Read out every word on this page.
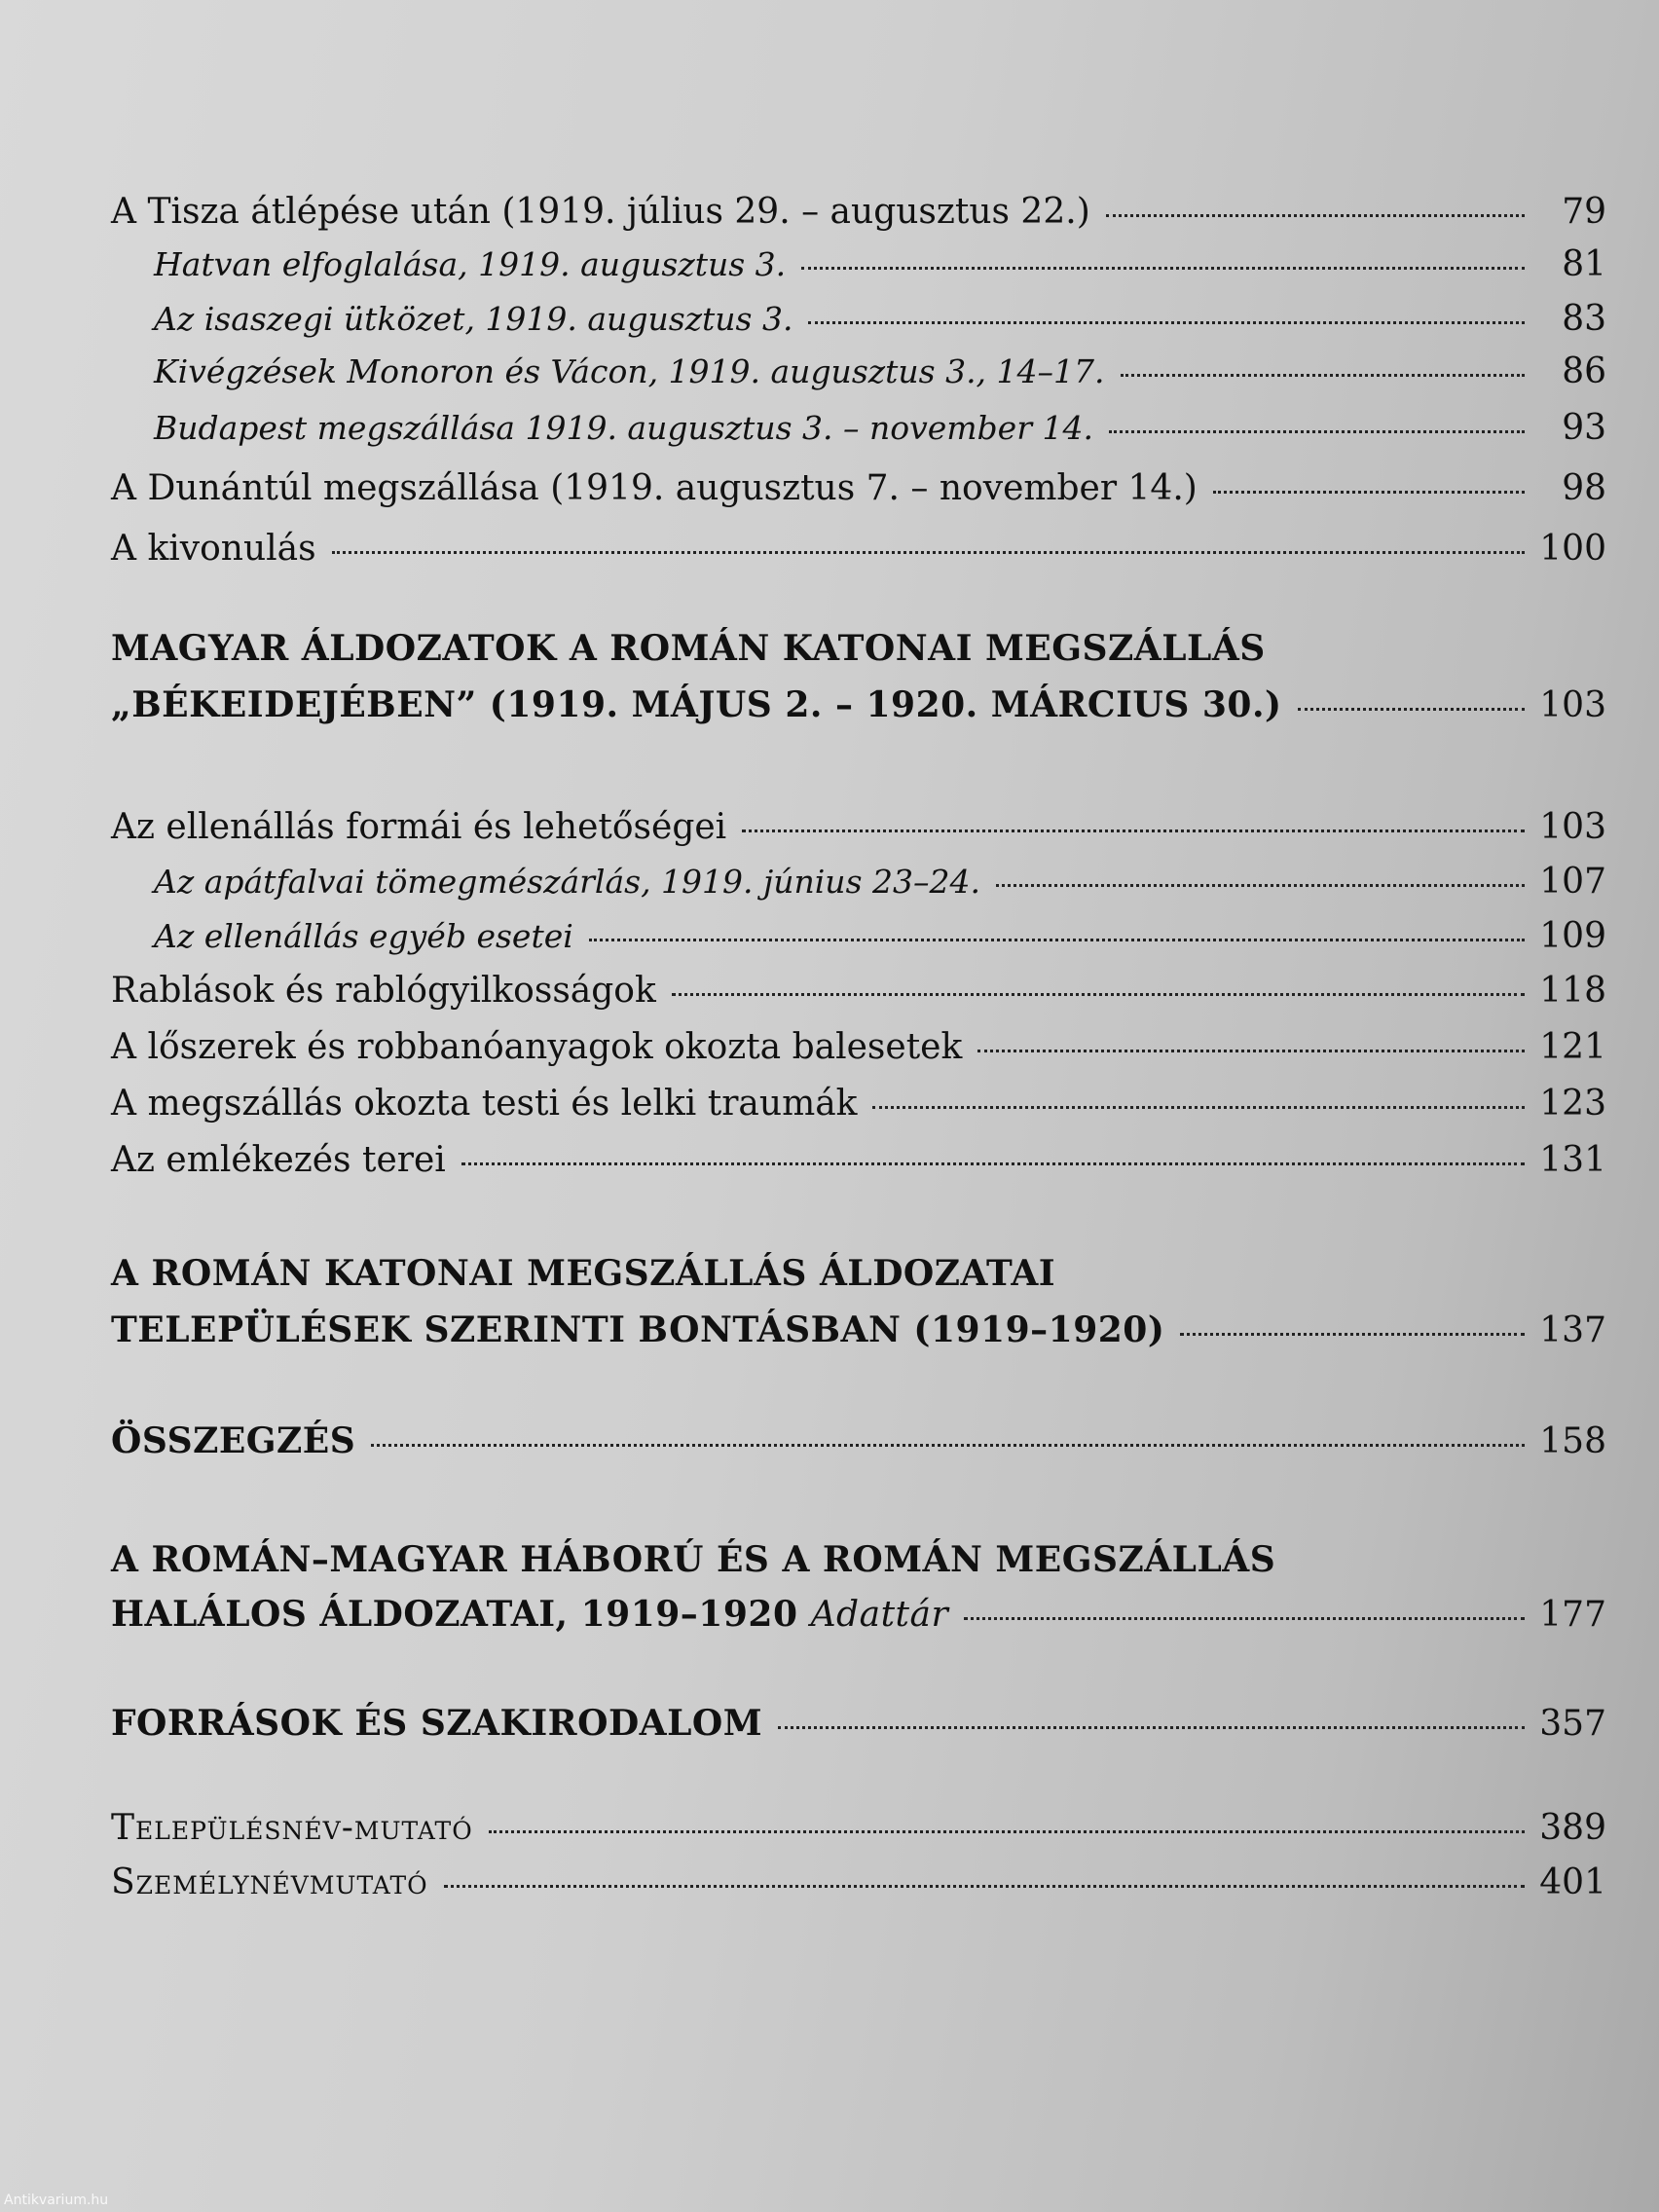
A Tisza átlépése után (1919. július 29. – augusztus 22.)	79
Hatvan elfoglalása, 1919. augusztus 3.	81
Az isaszegi ütközet, 1919. augusztus 3.	83
Kivégzések Monoron és Vácon, 1919. augusztus 3., 14–17.	86
Budapest megszállása 1919. augusztus 3. – november 14.	93
A Dunántúl megszállása (1919. augusztus 7. – november 14.)	98
A kivonulás	100
MAGYAR ÁLDOZATOK A ROMÁN KATONAI MEGSZÁLLÁS
„BÉKEIDEJÉBEN” (1919. MÁJUS 2. – 1920. MÁRCIUS 30.)	103
Az ellenállás formái és lehetőségei	103
Az apátfalvai tömegmészárlás, 1919. június 23–24.	107
Az ellenállás egyéb esetei	109
Rablások és rablógyilkosságok	118
A lőszerek és robbanóanyagok okozta balesetek	121
A megszállás okozta testi és lelki traumák	123
Az emlékezés terei	131
A ROMÁN KATONAI MEGSZÁLLÁS ÁLDOZATAI
TELEPÜLÉSEK SZERINTI BONTÁSBAN (1919–1920)	137
ÖSSZEGZÉS	158
A ROMÁN–MAGYAR HÁBORÚ ÉS A ROMÁN MEGSZÁLLÁS
HALÁLOS ÁLDOZATAI, 1919–1920 Adattár	177
FORRÁSOK ÉS SZAKIRODALOM	357
Településnév-mutató	389
Személynévmutató	401
Antikvarium.hu
